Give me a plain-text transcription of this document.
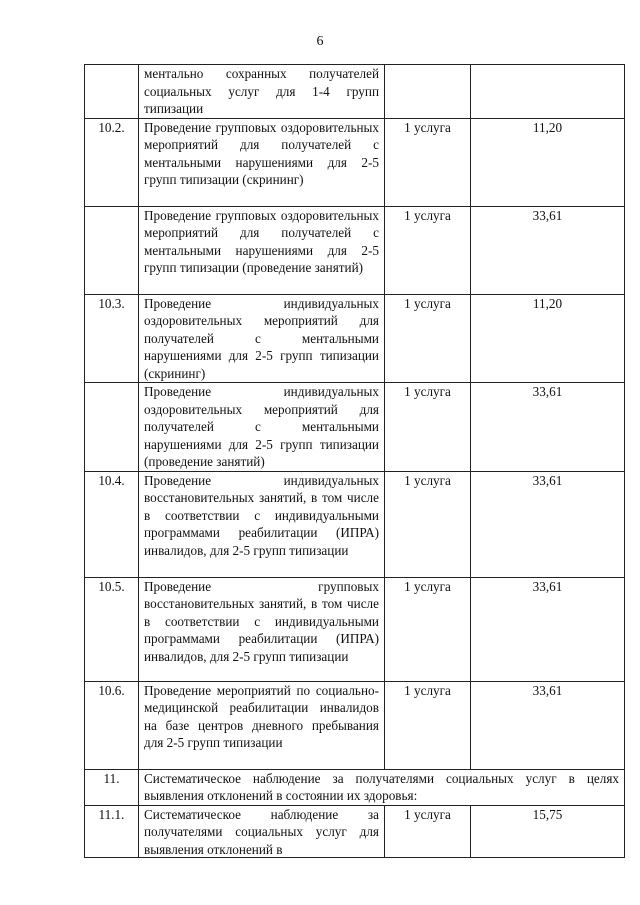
6
	ментально сохранных получателей социальных услуг для 1-4 групп типизации		
10.2.	Проведение групповых оздоровительных мероприятий для получателей с ментальными нарушениями для 2-5 групп типизации (скрининг)	1 услуга	11,20
	Проведение групповых оздоровительных мероприятий для получателей с ментальными нарушениями для 2-5 групп типизации (проведение занятий)	1 услуга	33,61
10.3.	Проведение индивидуальных оздоровительных мероприятий для получателей с ментальными нарушениями для 2-5 групп типизации (скрининг)	1 услуга	11,20
	Проведение индивидуальных оздоровительных мероприятий для получателей с ментальными нарушениями для 2-5 групп типизации (проведение занятий)	1 услуга	33,61
10.4.	Проведение индивидуальных восстановительных занятий, в том числе в соответствии с индивидуальными программами реабилитации (ИПРА) инвалидов, для 2-5 групп типизации	1 услуга	33,61
10.5.	Проведение групповых восстановительных занятий, в том числе в соответствии с индивидуальными программами реабилитации (ИПРА) инвалидов, для 2-5 групп типизации	1 услуга	33,61
10.6.	Проведение мероприятий по социально-медицинской реабилитации инвалидов на базе центров дневного пребывания для 2-5 групп типизации	1 услуга	33,61
11.	Систематическое наблюдение за получателями социальных услуг в целях выявления отклонений в состоянии их здоровья:		
11.1.	Систематическое наблюдение за получателями социальных услуг для выявления отклонений в	1 услуга	15,75
